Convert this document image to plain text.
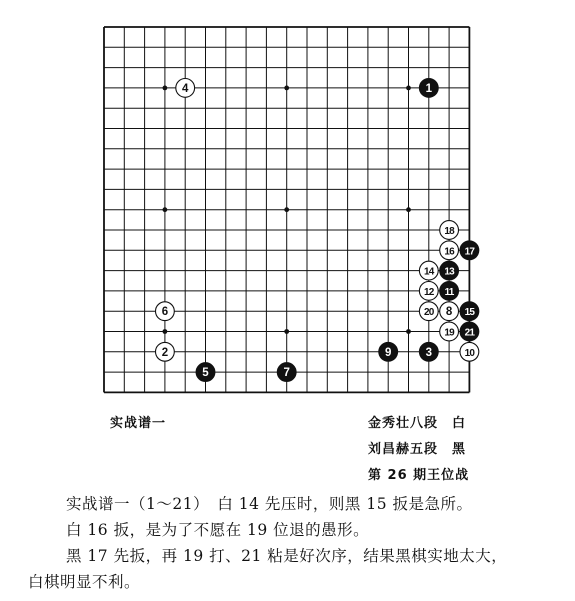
1
2	3
4
5
6
7
8
9	10
11
12
13
14
15
16 17
18
19
20
21
实战谱一	金秀壮八段　白
刘昌赫五段　黑
第 26 期王位战
实战谱一（1～21）　白 14 先压时，则黑 15 扳是急所。
白 16 扳，是为了不愿在 19 位退的愚形。
黑 17 先扳，再 19 打、21 粘是好次序，结果黑棋实地太大，
白棋明显不利。
